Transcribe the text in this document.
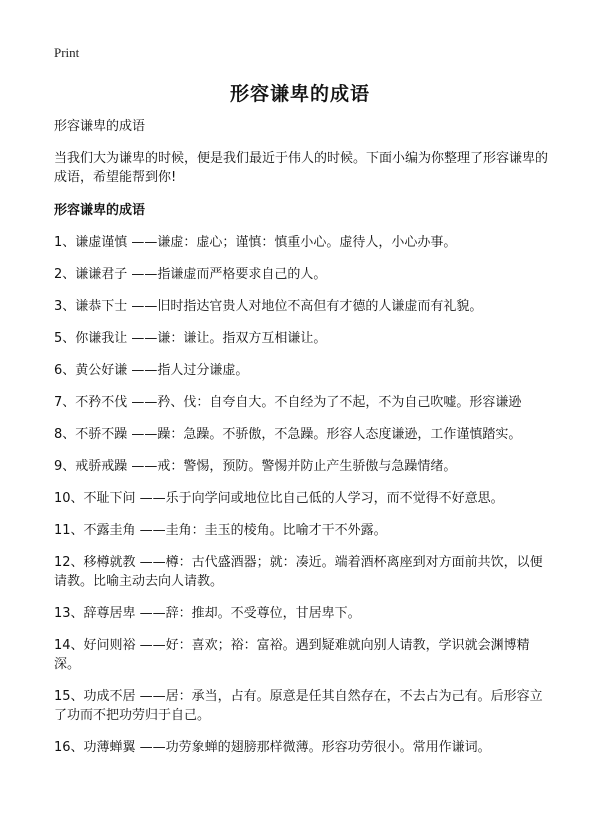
Print
形容谦卑的成语

形容谦卑的成语

当我们大为谦卑的时候，便是我们最近于伟人的时候。下面小编为你整理了形容谦卑的成语，希望能帮到你!

形容谦卑的成语

1、谦虚谨慎 ——谦虚：虚心；谨慎：慎重小心。虚待人，小心办事。

2、谦谦君子 ——指谦虚而严格要求自己的人。

3、谦恭下士 ——旧时指达官贵人对地位不高但有才德的人谦虚而有礼貌。

5、你谦我让 ——谦：谦让。指双方互相谦让。

6、黄公好谦 ——指人过分谦虚。

7、不矜不伐 ——矜、伐：自夸自大。不自经为了不起，不为自己吹嘘。形容谦逊

8、不骄不躁 ——躁：急躁。不骄傲，不急躁。形容人态度谦逊，工作谨慎踏实。

9、戒骄戒躁 ——戒：警惕，预防。警惕并防止产生骄傲与急躁情绪。

10、不耻下问 ——乐于向学问或地位比自己低的人学习，而不觉得不好意思。

11、不露圭角 ——圭角：圭玉的棱角。比喻才干不外露。

12、移樽就教 ——樽：古代盛酒器；就：凑近。端着酒杯离座到对方面前共饮，以便请教。比喻主动去向人请教。

13、辞尊居卑 ——辞：推却。不受尊位，甘居卑下。

14、好问则裕 ——好：喜欢；裕：富裕。遇到疑难就向别人请教，学识就会渊博精深。

15、功成不居 ——居：承当，占有。原意是任其自然存在，不去占为己有。后形容立了功而不把功劳归于自己。

16、功薄蝉翼 ——功劳象蝉的翅膀那样微薄。形容功劳很小。常用作谦词。
